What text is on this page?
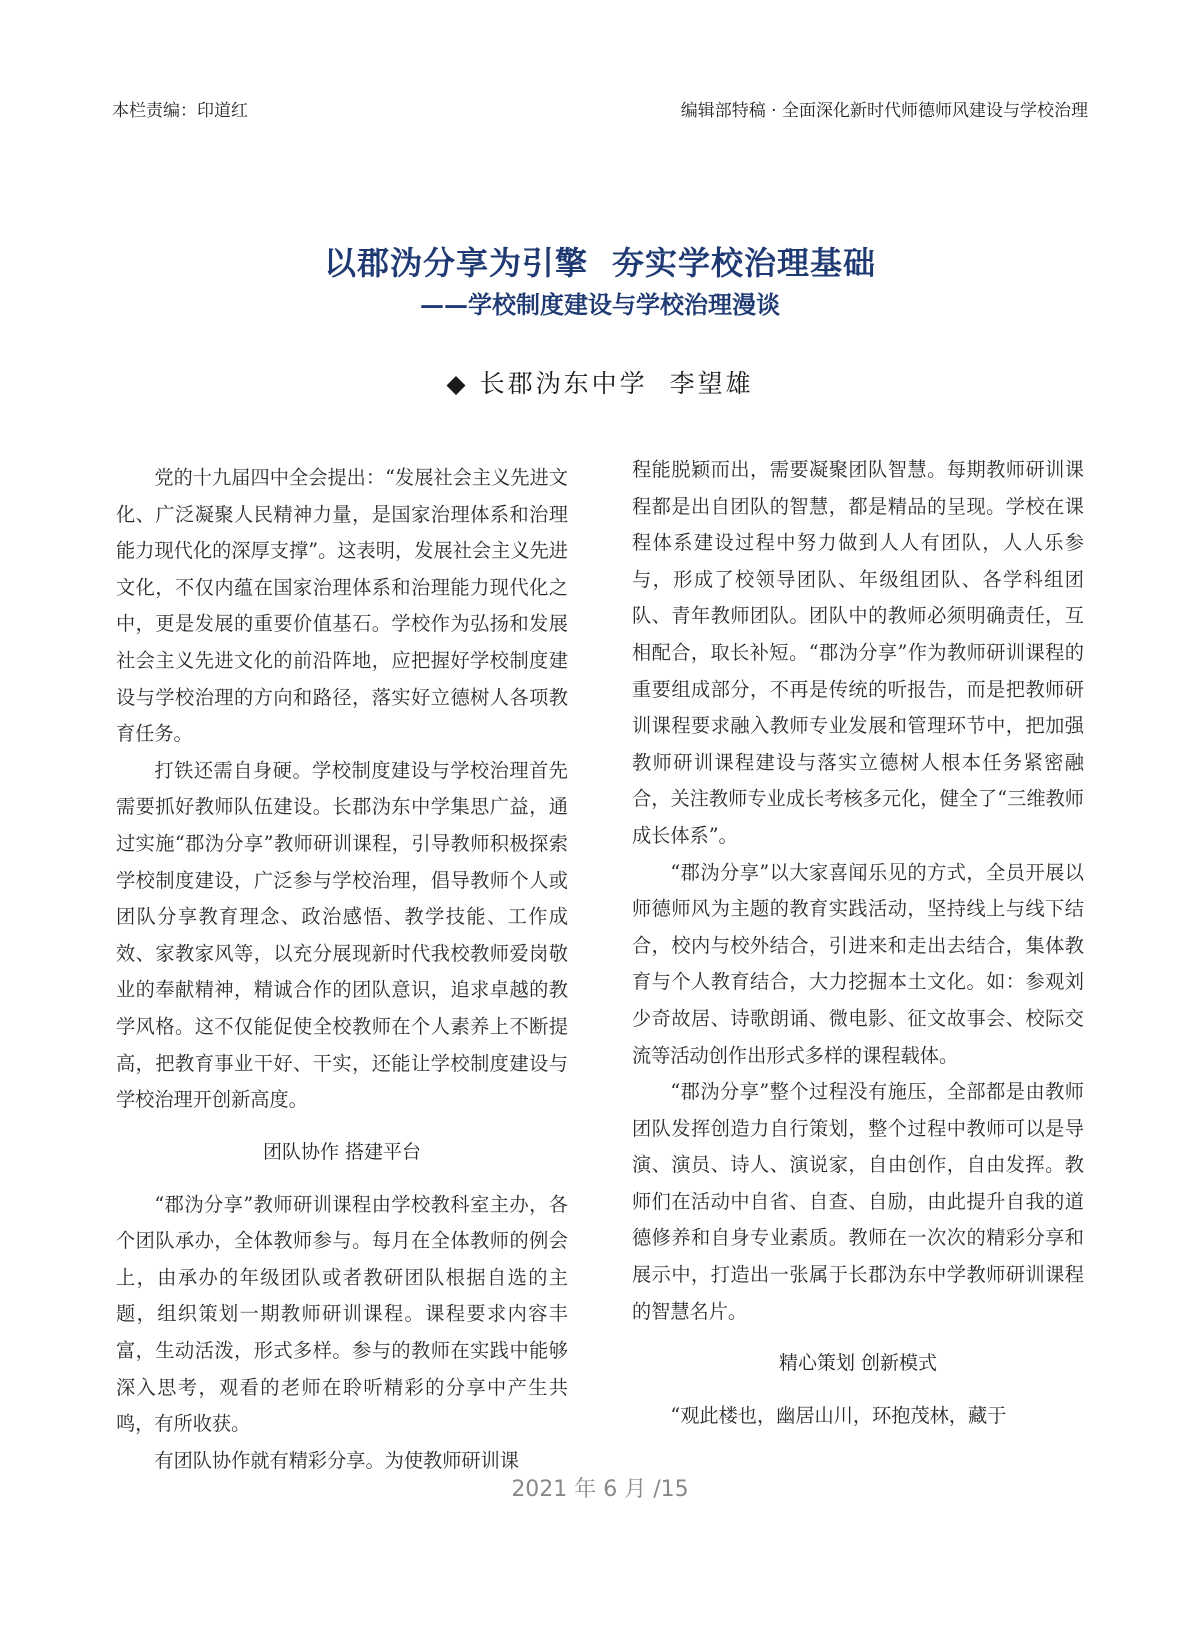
本栏责编：印道红	编辑部特稿 · 全面深化新时代师德师风建设与学校治理
以郡沩分享为引擎 夯实学校治理基础
——学校制度建设与学校治理漫谈
◆ 长郡沩东中学 李望雄

党的十九届四中全会提出：“发展社会主义先进文化、广泛凝聚人民精神力量，是国家治理体系和治理能力现代化的深厚支撑”。这表明，发展社会主义先进文化，不仅内蕴在国家治理体系和治理能力现代化之中，更是发展的重要价值基石。学校作为弘扬和发展社会主义先进文化的前沿阵地，应把握好学校制度建设与学校治理的方向和路径，落实好立德树人各项教育任务。

打铁还需自身硬。学校制度建设与学校治理首先需要抓好教师队伍建设。长郡沩东中学集思广益，通过实施“郡沩分享”教师研训课程，引导教师积极探索学校制度建设，广泛参与学校治理，倡导教师个人或团队分享教育理念、政治感悟、教学技能、工作成效、家教家风等，以充分展现新时代我校教师爱岗敬业的奉献精神，精诚合作的团队意识，追求卓越的教学风格。这不仅能促使全校教师在个人素养上不断提高，把教育事业干好、干实，还能让学校制度建设与学校治理开创新高度。

团队协作 搭建平台

“郡沩分享”教师研训课程由学校教科室主办，各个团队承办，全体教师参与。每月在全体教师的例会上，由承办的年级团队或者教研团队根据自选的主题，组织策划一期教师研训课程。课程要求内容丰富，生动活泼，形式多样。参与的教师在实践中能够深入思考，观看的老师在聆听精彩的分享中产生共鸣，有所收获。

有团队协作就有精彩分享。为使教师研训课

程能脱颖而出，需要凝聚团队智慧。每期教师研训课程都是出自团队的智慧，都是精品的呈现。学校在课程体系建设过程中努力做到人人有团队，人人乐参与，形成了校领导团队、年级组团队、各学科组团队、青年教师团队。团队中的教师必须明确责任，互相配合，取长补短。“郡沩分享”作为教师研训课程的重要组成部分，不再是传统的听报告，而是把教师研训课程要求融入教师专业发展和管理环节中，把加强教师研训课程建设与落实立德树人根本任务紧密融合，关注教师专业成长考核多元化，健全了“三维教师成长体系”。

“郡沩分享”以大家喜闻乐见的方式，全员开展以师德师风为主题的教育实践活动，坚持线上与线下结合，校内与校外结合，引进来和走出去结合，集体教育与个人教育结合，大力挖掘本土文化。如：参观刘少奇故居、诗歌朗诵、微电影、征文故事会、校际交流等活动创作出形式多样的课程载体。

“郡沩分享”整个过程没有施压，全部都是由教师团队发挥创造力自行策划，整个过程中教师可以是导演、演员、诗人、演说家，自由创作，自由发挥。教师们在活动中自省、自查、自励，由此提升自我的道德修养和自身专业素质。教师在一次次的精彩分享和展示中，打造出一张属于长郡沩东中学教师研训课程的智慧名片。

精心策划 创新模式

“观此楼也，幽居山川，环抱茂林，藏于

2021 年 6 月 /15
